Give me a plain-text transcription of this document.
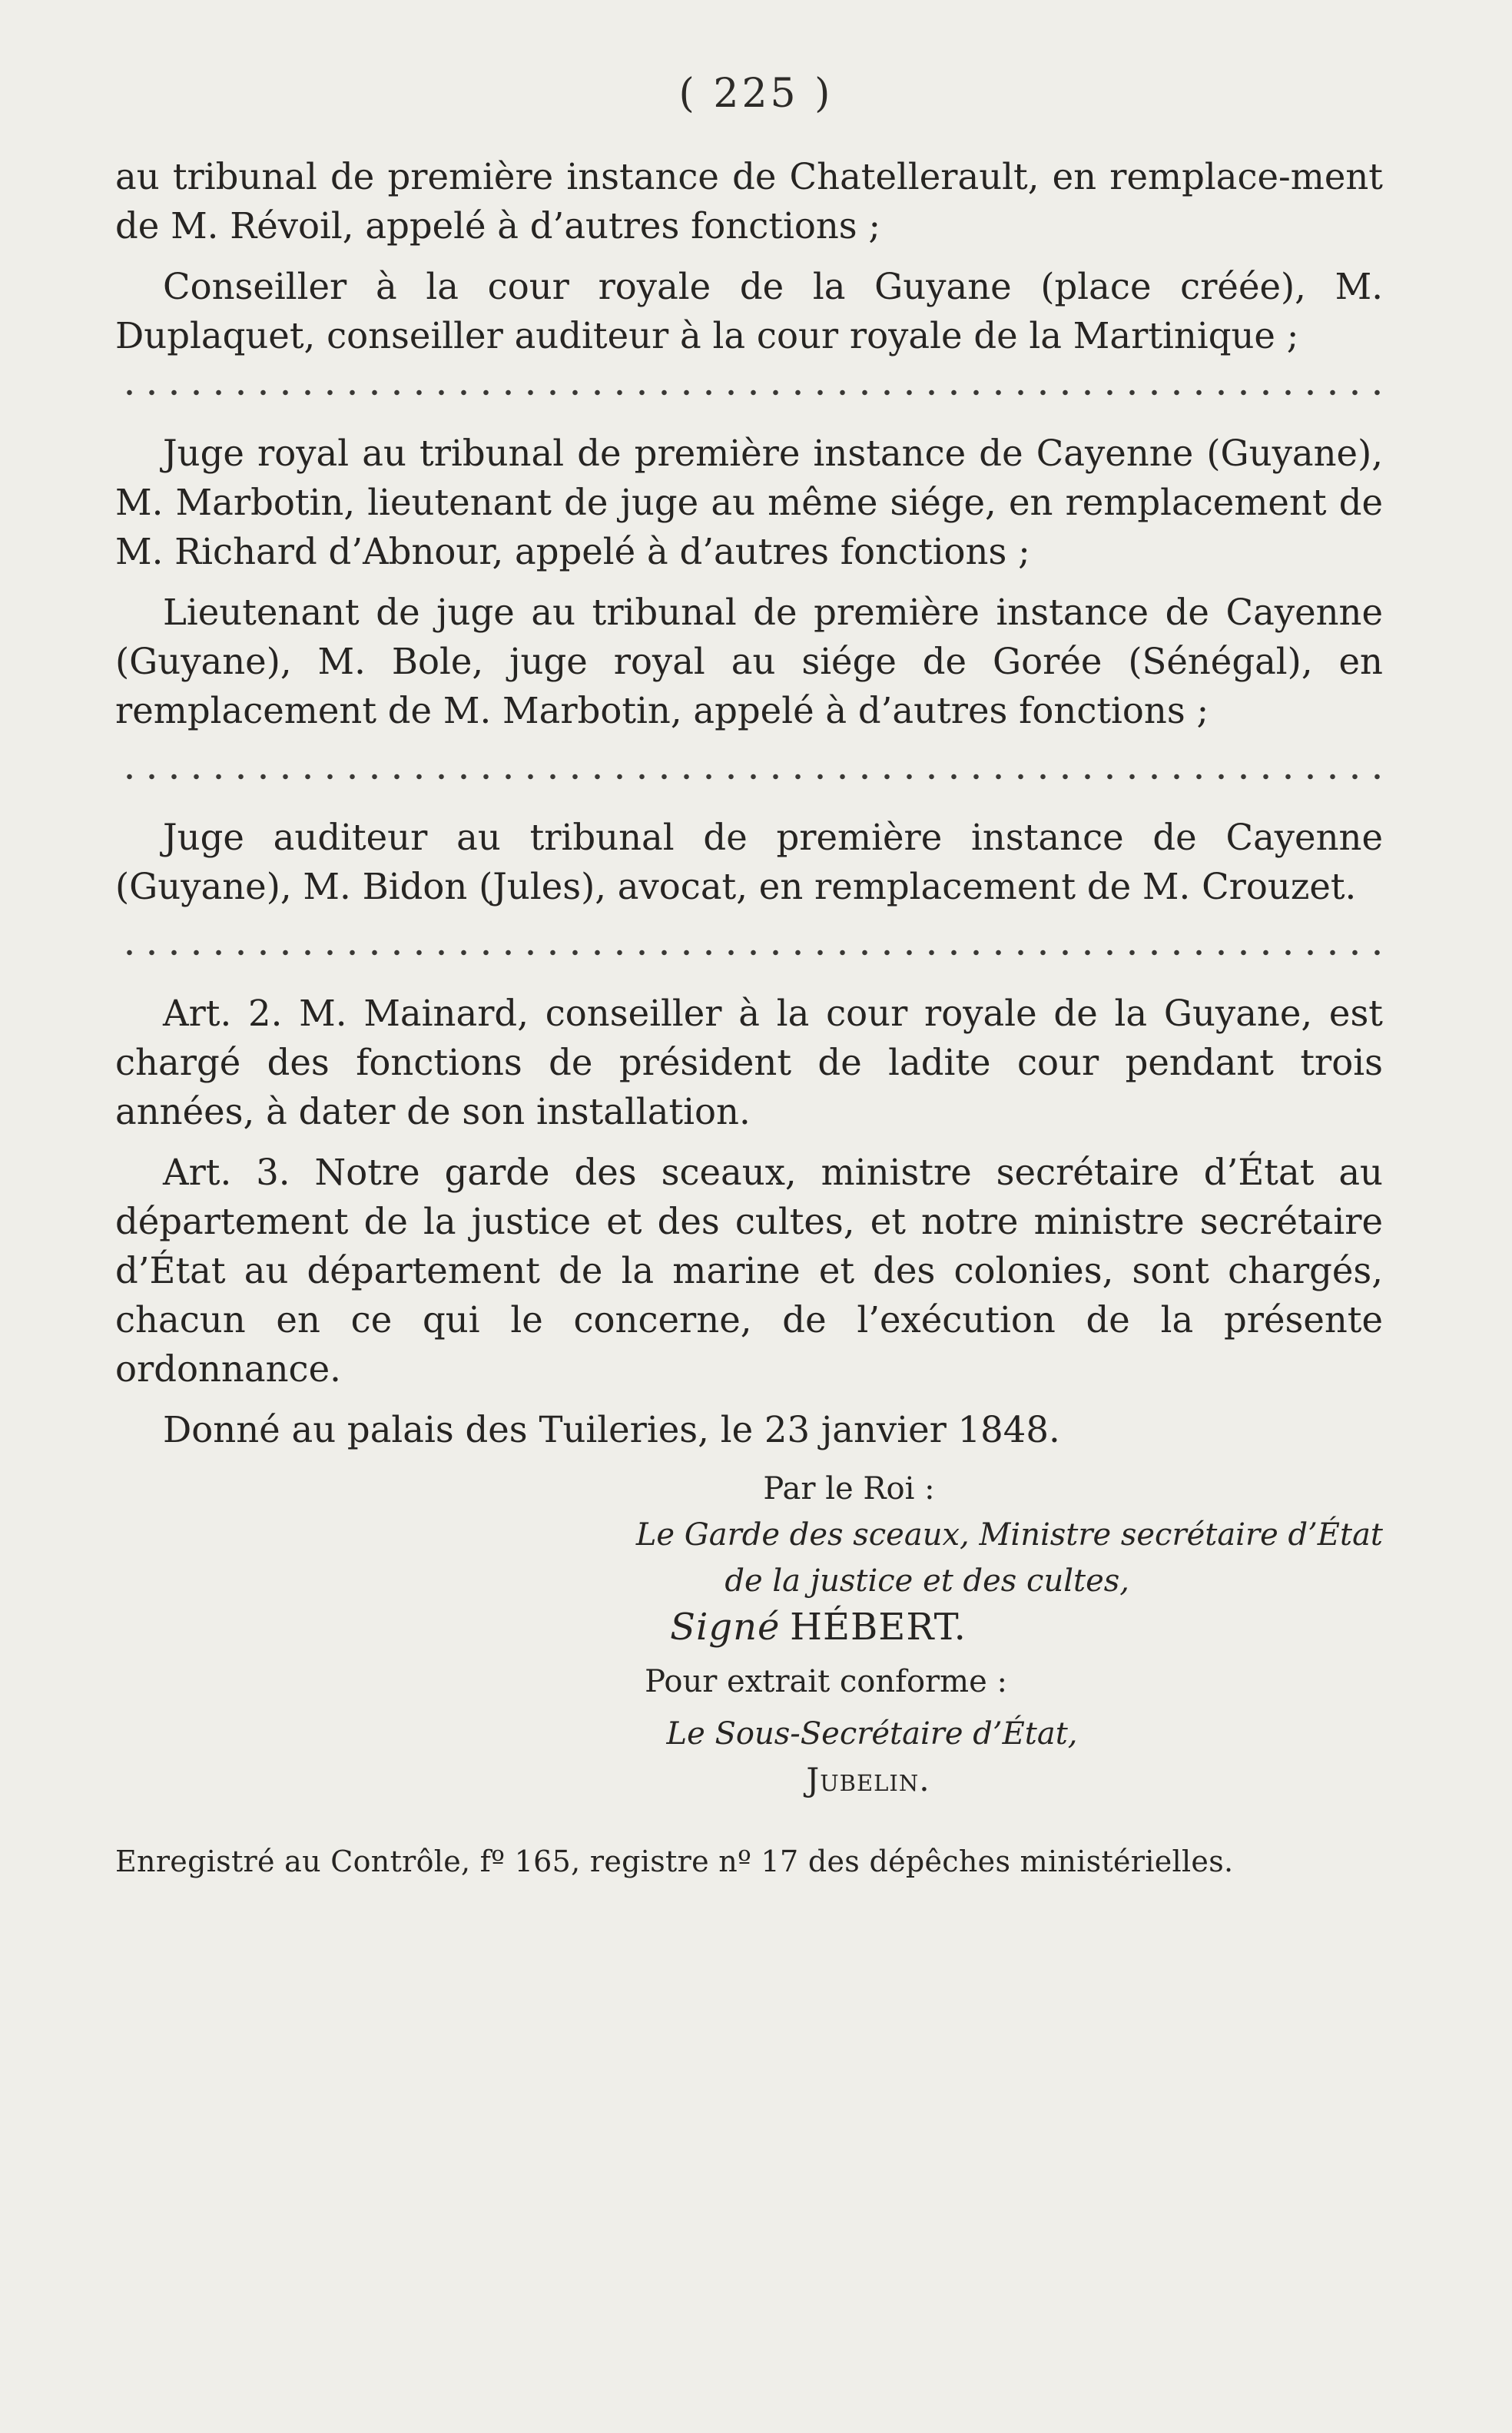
( 225 )

au tribunal de première instance de Chatellerault, en remplace-ment de M. Révoil, appelé à d’autres fonctions ;

Conseiller à la cour royale de la Guyane (place créée), M. Duplaquet, conseiller auditeur à la cour royale de la Martinique ;

Juge royal au tribunal de première instance de Cayenne (Guyane), M. Marbotin, lieutenant de juge au même siége, en remplacement de M. Richard d’Abnour, appelé à d’autres fonctions ;

Lieutenant de juge au tribunal de première instance de Cayenne (Guyane), M. Bole, juge royal au siége de Gorée (Sénégal), en remplacement de M. Marbotin, appelé à d’autres fonctions ;

Juge auditeur au tribunal de première instance de Cayenne (Guyane), M. Bidon (Jules), avocat, en remplacement de M. Crouzet.

Art. 2. M. Mainard, conseiller à la cour royale de la Guyane, est chargé des fonctions de président de ladite cour pendant trois années, à dater de son installation.

Art. 3. Notre garde des sceaux, ministre secrétaire d’État au département de la justice et des cultes, et notre ministre secrétaire d’État au département de la marine et des colonies, sont chargés, chacun en ce qui le concerne, de l’exécution de la présente ordonnance.

Donné au palais des Tuileries, le 23 janvier 1848.

Par le Roi :
Le Garde des sceaux, Ministre secrétaire d’État
de la justice et des cultes,
Signé HÉBERT.
Pour extrait conforme :
Le Sous-Secrétaire d’État,
Jubelin.
Enregistré au Contrôle, fº 165, registre nº 17 des dépêches ministérielles.
